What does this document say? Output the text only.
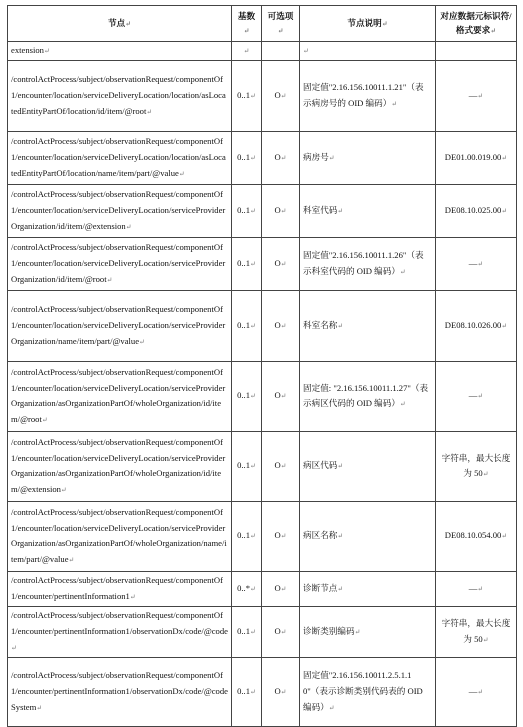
节点↵	基数↵	可选项↵	节点说明↵	对应数据元标识符/格式要求↵
extension↵	↵		↵	
/controlActProcess/subject/observationRequest/componentOf1/encounter/location/serviceDeliveryLocation/location/asLocatedEntityPartOf/location/id/item/@root↵	0..1↵	O↵	固定值"2.16.156.10011.1.21"（表示病房号的 OID 编码）↵	—↵
/controlActProcess/subject/observationRequest/componentOf1/encounter/location/serviceDeliveryLocation/location/asLocatedEntityPartOf/location/name/item/part/@value↵	0..1↵	O↵	病房号↵	DE01.00.019.00↵
/controlActProcess/subject/observationRequest/componentOf1/encounter/location/serviceDeliveryLocation/serviceProviderOrganization/id/item/@extension↵	0..1↵	O↵	科室代码↵	DE08.10.025.00↵
/controlActProcess/subject/observationRequest/componentOf1/encounter/location/serviceDeliveryLocation/serviceProviderOrganization/id/item/@root↵	0..1↵	O↵	固定值"2.16.156.10011.1.26"（表示科室代码的 OID 编码）↵	—↵
/controlActProcess/subject/observationRequest/componentOf1/encounter/location/serviceDeliveryLocation/serviceProviderOrganization/name/item/part/@value↵	0..1↵	O↵	科室名称↵	DE08.10.026.00↵
/controlActProcess/subject/observationRequest/componentOf1/encounter/location/serviceDeliveryLocation/serviceProviderOrganization/asOrganizationPartOf/wholeOrganization/id/item/@root↵	0..1↵	O↵	固定值: "2.16.156.10011.1.27"（表示病区代码的 OID 编码）↵	—↵
/controlActProcess/subject/observationRequest/componentOf1/encounter/location/serviceDeliveryLocation/serviceProviderOrganization/asOrganizationPartOf/wholeOrganization/id/item/@extension↵	0..1↵	O↵	病区代码↵	字符串，最大长度为 50↵
/controlActProcess/subject/observationRequest/componentOf1/encounter/location/serviceDeliveryLocation/serviceProviderOrganization/asOrganizationPartOf/wholeOrganization/name/item/part/@value↵	0..1↵	O↵	病区名称↵	DE08.10.054.00↵
/controlActProcess/subject/observationRequest/componentOf1/encounter/pertinentInformation1↵	0..*↵	O↵	诊断节点↵	—↵
/controlActProcess/subject/observationRequest/componentOf1/encounter/pertinentInformation1/observationDx/code/@code↵	0..1↵	O↵	诊断类别编码↵	字符串，最大长度为 50↵
/controlActProcess/subject/observationRequest/componentOf1/encounter/pertinentInformation1/observationDx/code/@codeSystem↵	0..1↵	O↵	固定值"2.16.156.10011.2.5.1.10"（表示诊断类别代码表的 OID 编码）↵	—↵
